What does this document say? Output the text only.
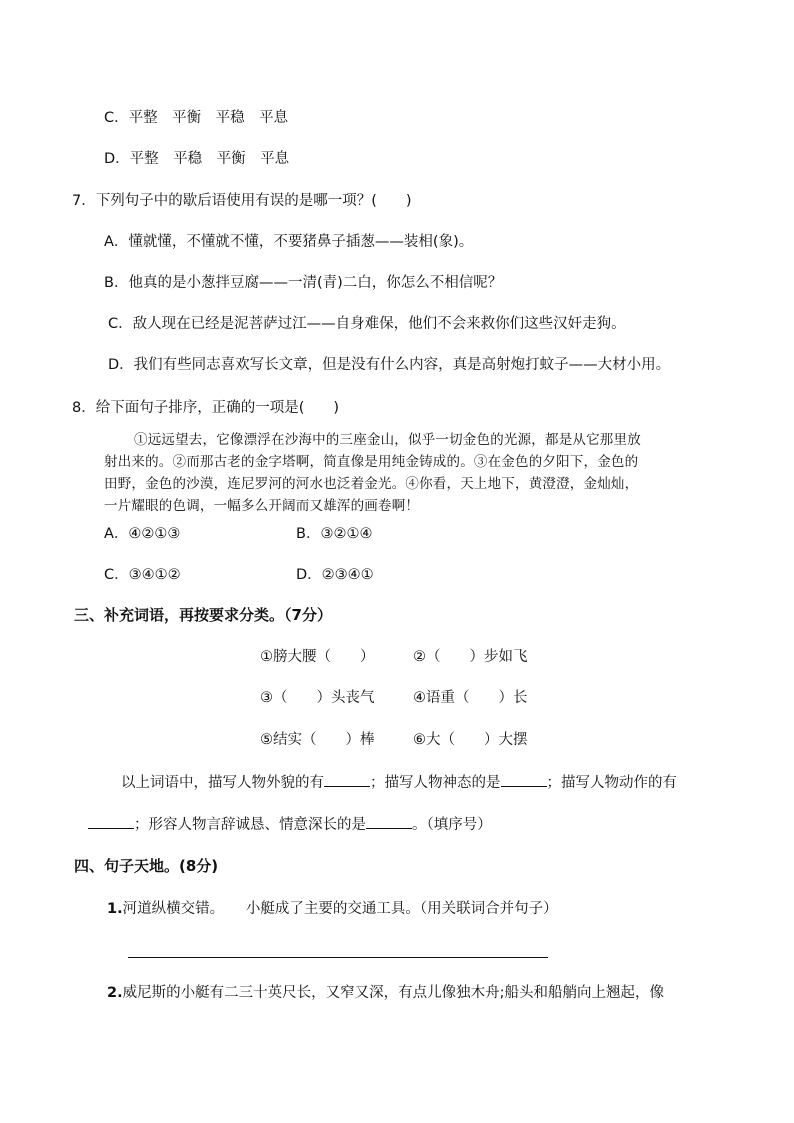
C．平整　平衡　平稳　平息
D．平整　平稳　平衡　平息
7．下列句子中的歇后语使用有误的是哪一项？(　　)
A．懂就懂，不懂就不懂，不要猪鼻子插葱——装相(象)。
B．他真的是小葱拌豆腐——一清(青)二白，你怎么不相信呢？
C．敌人现在已经是泥菩萨过江——自身难保，他们不会来救你们这些汉奸走狗。
D．我们有些同志喜欢写长文章，但是没有什么内容，真是高射炮打蚊子——大材小用。
8．给下面句子排序，正确的一项是(　　)
①远远望去，它像漂浮在沙海中的三座金山，似乎一切金色的光源，都是从它那里放
射出来的。②而那古老的金字塔啊，简直像是用纯金铸成的。③在金色的夕阳下，金色的
田野，金色的沙漠，连尼罗河的河水也泛着金光。④你看，天上地下，黄澄澄，金灿灿，
一片耀眼的色调，一幅多么开阔而又雄浑的画卷啊！
A．④②①③	B．③②①④
C．③④①②	D．②③④①
三、补充词语，再按要求分类。（7分）
①膀大腰（　　）	②（　　）步如飞
③（　　）头丧气	④语重（　　）长
⑤结实（　　）棒	⑥大（　　）大摆
以上词语中，描写人物外貌的有	；描写人物神态的是	；描写人物动作的有
；形容人物言辞诚恳、情意深长的是	。（填序号）
四、句子天地。(8分)
1.河道纵横交错。　　小艇成了主要的交通工具。（用关联词合并句子）
2.威尼斯的小艇有二三十英尺长，又窄又深，有点儿像独木舟;船头和船艄向上翘起，像
